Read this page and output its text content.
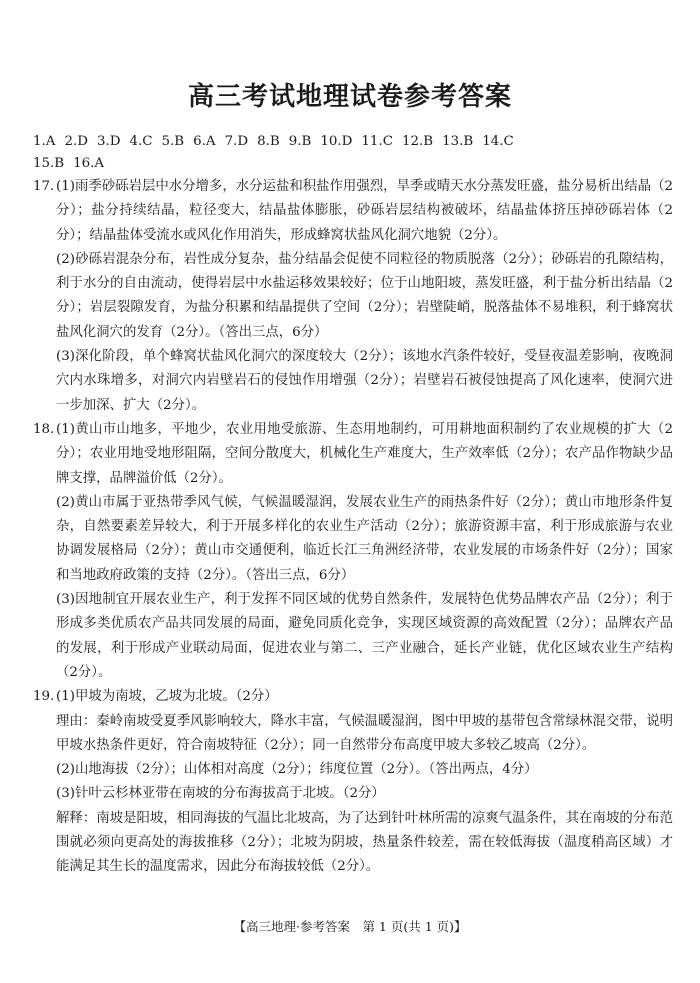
高三考试地理试卷参考答案
1.A 2.D 3.D 4.C 5.B 6.A 7.D 8.B 9.B 10.D 11.C 12.B 13.B 14.C
15.B 16.A
17. (1)雨季砂砾岩层中水分增多，水分运盐和积盐作用强烈，旱季或晴天水分蒸发旺盛，盐分易析出结晶（2分）；盐分持续结晶，粒径变大，结晶盐体膨胀，砂砾岩层结构被破坏，结晶盐体挤压掉砂砾岩体（2分）；结晶盐体受流水或风化作用消失，形成蜂窝状盐风化洞穴地貌（2分）。

(2)砂砾岩混杂分布，岩性成分复杂，盐分结晶会促使不同粒径的物质脱落（2分）；砂砾岩的孔隙结构，利于水分的自由流动，使得岩层中水盐运移效果较好；位于山地阳坡，蒸发旺盛，利于盐分析出结晶（2分）；岩层裂隙发育，为盐分积累和结晶提供了空间（2分）；岩壁陡峭，脱落盐体不易堆积，利于蜂窝状盐风化洞穴的发育（2分）。（答出三点，6分）

(3)深化阶段，单个蜂窝状盐风化洞穴的深度较大（2分）；该地水汽条件较好，受昼夜温差影响，夜晚洞穴内水珠增多，对洞穴内岩壁岩石的侵蚀作用增强（2分）；岩壁岩石被侵蚀提高了风化速率，使洞穴进一步加深、扩大（2分）。

18. (1)黄山市山地多，平地少，农业用地受旅游、生态用地制约，可用耕地面积制约了农业规模的扩大（2分）；农业用地受地形阻隔，空间分散度大，机械化生产难度大，生产效率低（2分）；农产品作物缺少品牌支撑，品牌溢价低（2分）。

(2)黄山市属于亚热带季风气候，气候温暖湿润，发展农业生产的雨热条件好（2分）；黄山市地形条件复杂，自然要素差异较大，利于开展多样化的农业生产活动（2分）；旅游资源丰富，利于形成旅游与农业协调发展格局（2分）；黄山市交通便利，临近长江三角洲经济带，农业发展的市场条件好（2分）；国家和当地政府政策的支持（2分）。（答出三点，6分）

(3)因地制宜开展农业生产，利于发挥不同区域的优势自然条件，发展特色优势品牌农产品（2分）；利于形成多类优质农产品共同发展的局面，避免同质化竞争，实现区域资源的高效配置（2分）；品牌农产品的发展，利于形成产业联动局面，促进农业与第二、三产业融合，延长产业链，优化区域农业生产结构（2分）。

19. (1)甲坡为南坡，乙坡为北坡。（2分）

理由：秦岭南坡受夏季风影响较大，降水丰富，气候温暖湿润，图中甲坡的基带包含常绿林混交带，说明甲坡水热条件更好，符合南坡特征（2分）；同一自然带分布高度甲坡大多较乙坡高（2分）。

(2)山地海拔（2分）；山体相对高度（2分）；纬度位置（2分）。（答出两点，4分）

(3)针叶云杉林亚带在南坡的分布海拔高于北坡。（2分）

解释：南坡是阳坡，相同海拔的气温比北坡高，为了达到针叶林所需的凉爽气温条件，其在南坡的分布范围就必须向更高处的海拔推移（2分）；北坡为阴坡，热量条件较差，需在较低海拔（温度稍高区域）才能满足其生长的温度需求，因此分布海拔较低（2分）。

【高三地理·参考答案　第 1 页(共 1 页)】
